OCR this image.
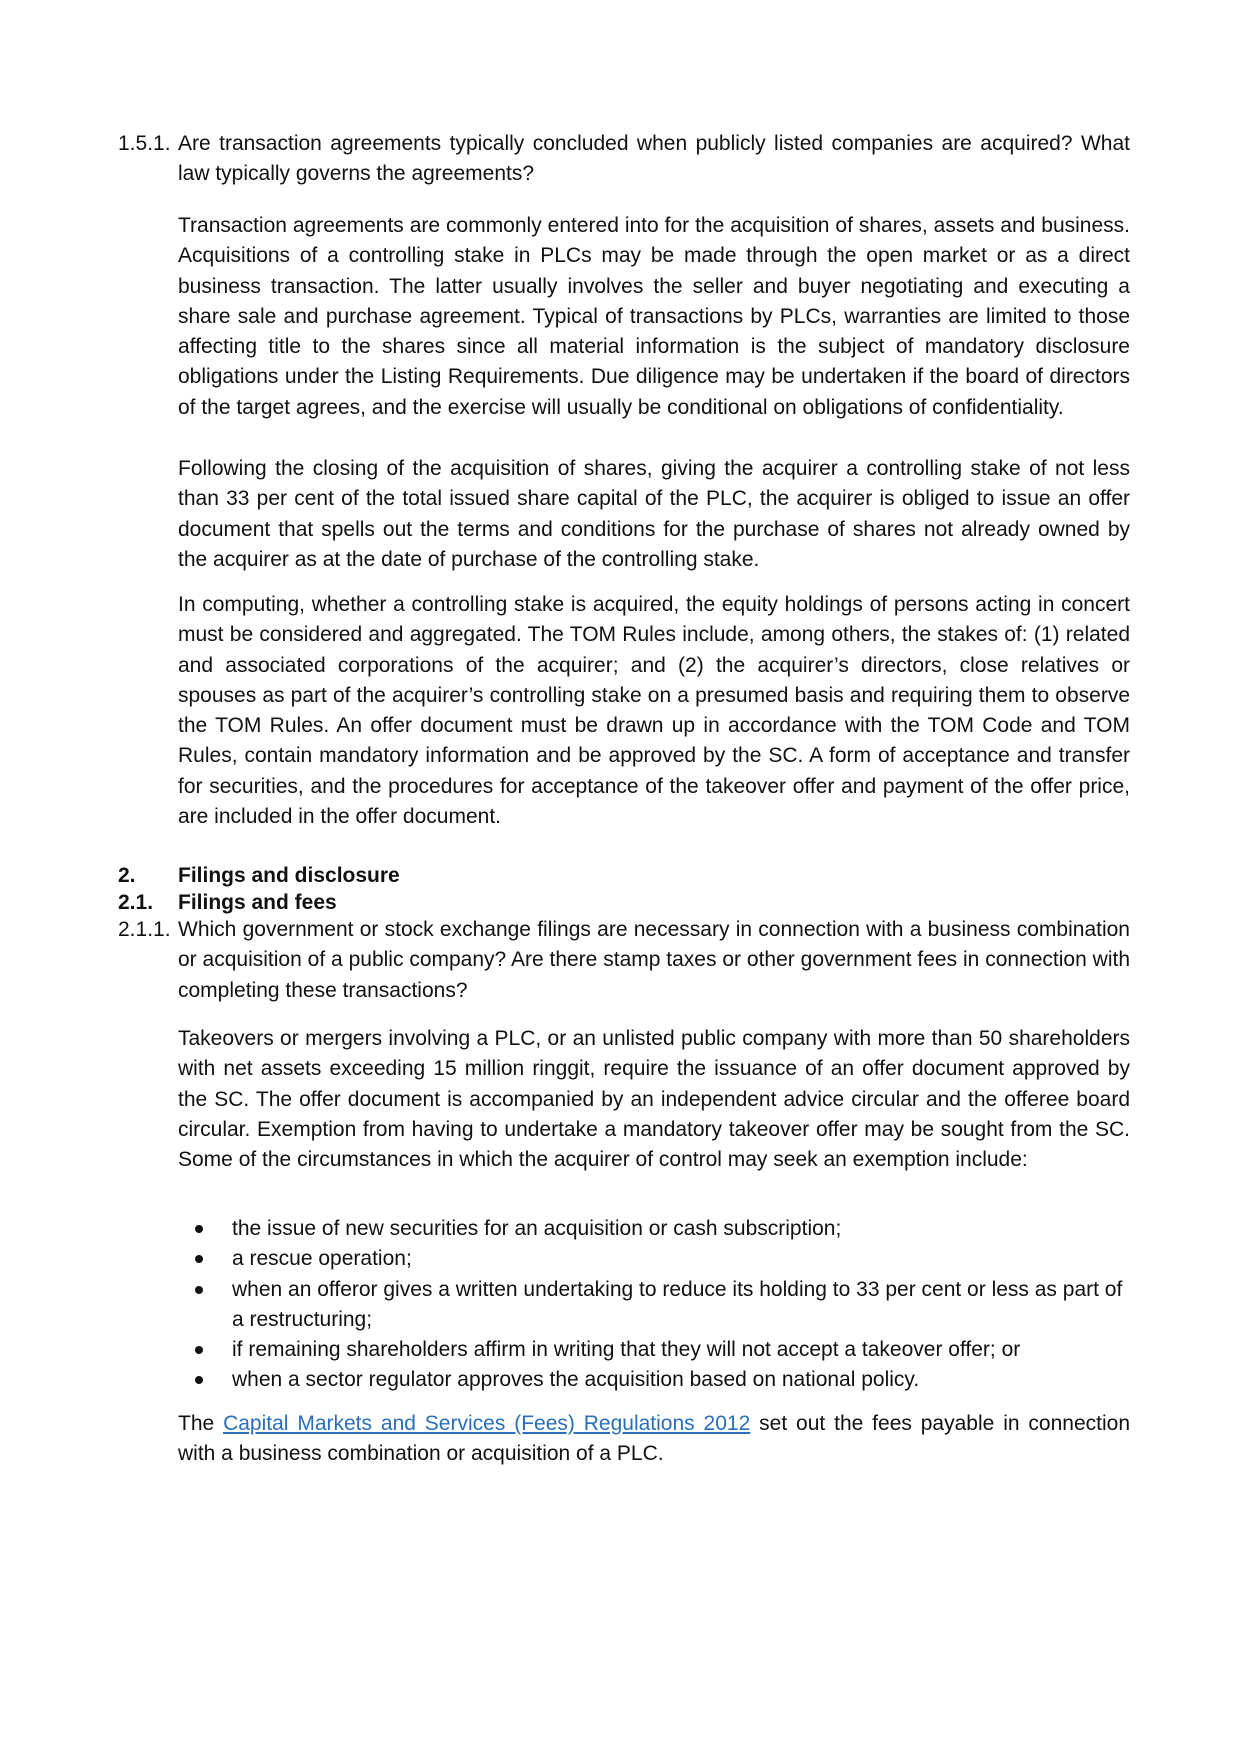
1.5.1. Are transaction agreements typically concluded when publicly listed companies are acquired? What law typically governs the agreements?
Transaction agreements are commonly entered into for the acquisition of shares, assets and business. Acquisitions of a controlling stake in PLCs may be made through the open market or as a direct business transaction. The latter usually involves the seller and buyer negotiating and executing a share sale and purchase agreement. Typical of transactions by PLCs, warranties are limited to those affecting title to the shares since all material information is the subject of mandatory disclosure obligations under the Listing Requirements. Due diligence may be undertaken if the board of directors of the target agrees, and the exercise will usually be conditional on obligations of confidentiality.
Following the closing of the acquisition of shares, giving the acquirer a controlling stake of not less than 33 per cent of the total issued share capital of the PLC, the acquirer is obliged to issue an offer document that spells out the terms and conditions for the purchase of shares not already owned by the acquirer as at the date of purchase of the controlling stake.
In computing, whether a controlling stake is acquired, the equity holdings of persons acting in concert must be considered and aggregated. The TOM Rules include, among others, the stakes of: (1) related and associated corporations of the acquirer; and (2) the acquirer’s directors, close relatives or spouses as part of the acquirer’s controlling stake on a presumed basis and requiring them to observe the TOM Rules. An offer document must be drawn up in accordance with the TOM Code and TOM Rules, contain mandatory information and be approved by the SC. A form of acceptance and transfer for securities, and the procedures for acceptance of the takeover offer and payment of the offer price, are included in the offer document.
2. Filings and disclosure
2.1. Filings and fees
2.1.1. Which government or stock exchange filings are necessary in connection with a business combination or acquisition of a public company? Are there stamp taxes or other government fees in connection with completing these transactions?
Takeovers or mergers involving a PLC, or an unlisted public company with more than 50 shareholders with net assets exceeding 15 million ringgit, require the issuance of an offer document approved by the SC. The offer document is accompanied by an independent advice circular and the offeree board circular. Exemption from having to undertake a mandatory takeover offer may be sought from the SC. Some of the circumstances in which the acquirer of control may seek an exemption include:
the issue of new securities for an acquisition or cash subscription;
a rescue operation;
when an offeror gives a written undertaking to reduce its holding to 33 per cent or less as part of a restructuring;
if remaining shareholders affirm in writing that they will not accept a takeover offer; or
when a sector regulator approves the acquisition based on national policy.
The Capital Markets and Services (Fees) Regulations 2012 set out the fees payable in connection with a business combination or acquisition of a PLC.
